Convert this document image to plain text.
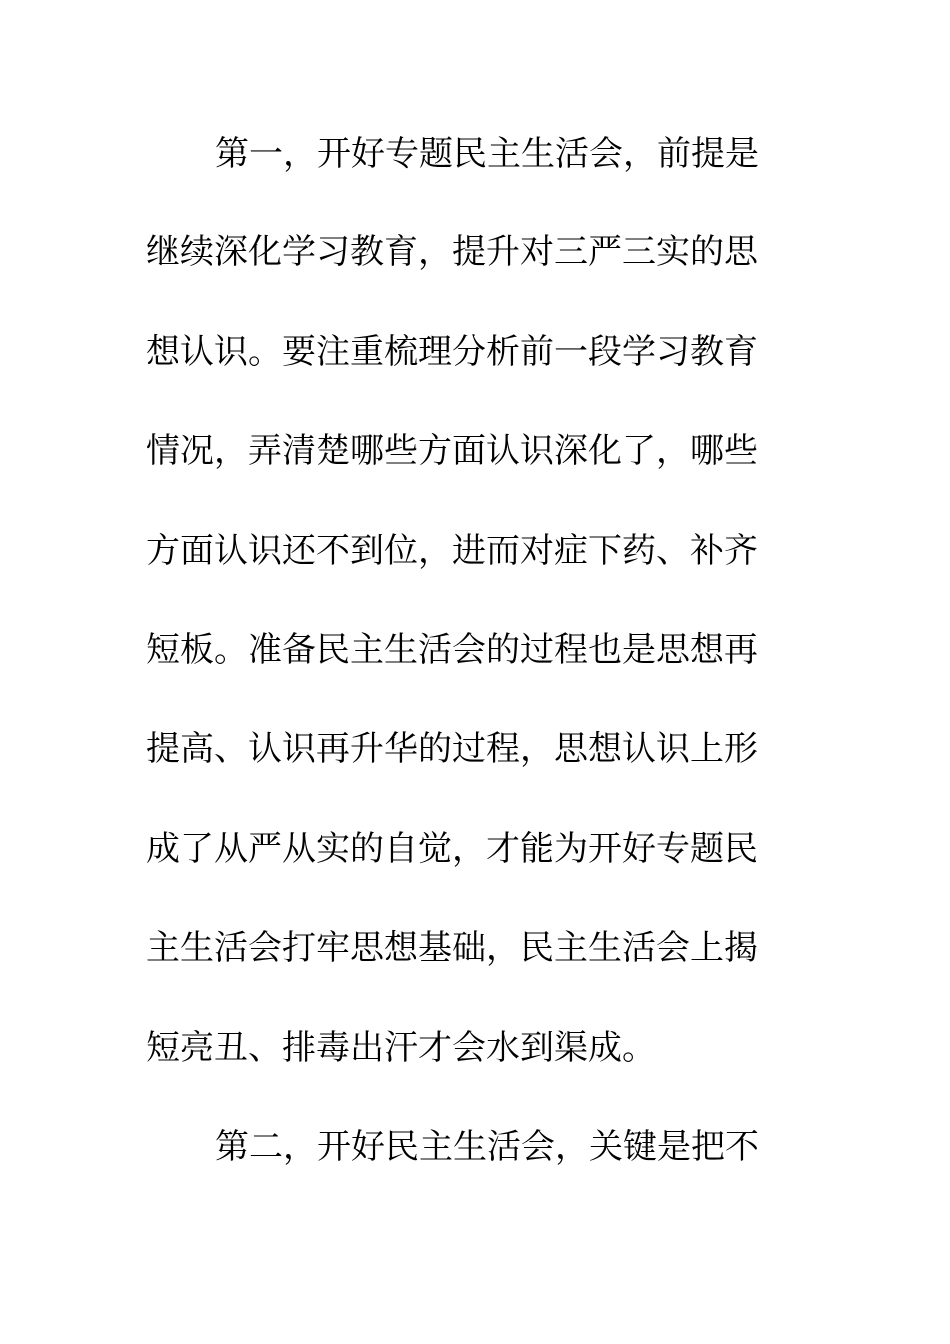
第一，开好专题民主生活会，前提是
继续深化学习教育，提升对三严三实的思
想认识。要注重梳理分析前一段学习教育
情况，弄清楚哪些方面认识深化了，哪些
方面认识还不到位，进而对症下药、补齐
短板。准备民主生活会的过程也是思想再
提高、认识再升华的过程，思想认识上形
成了从严从实的自觉，才能为开好专题民
主生活会打牢思想基础，民主生活会上揭
短亮丑、排毒出汗才会水到渠成。
第二，开好民主生活会，关键是把不
